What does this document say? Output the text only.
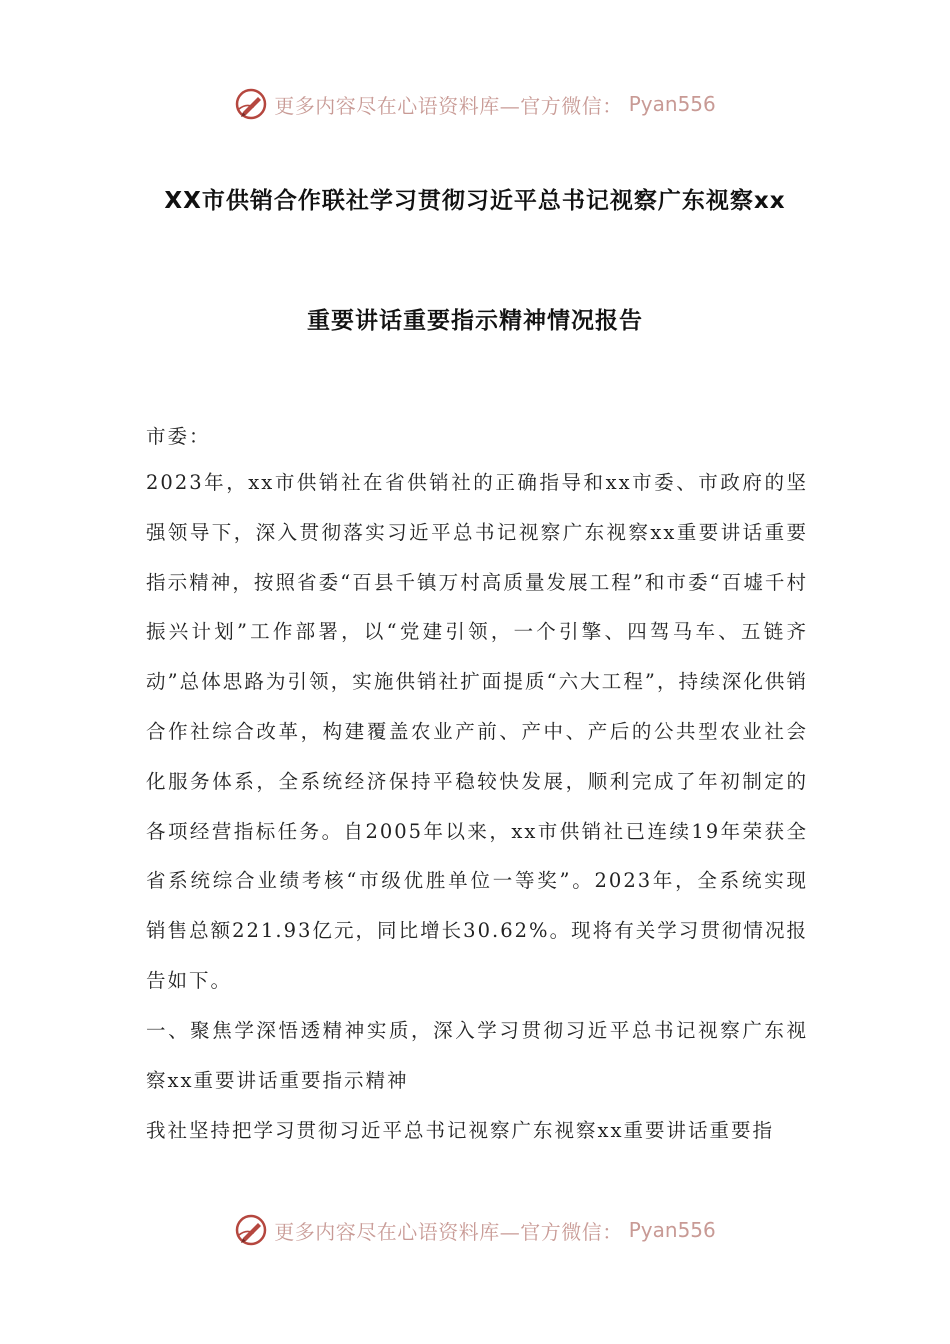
更多内容尽在心语资料库—官方微信： Pyan556
XX市供销合作联社学习贯彻习近平总书记视察广东视察xx
重要讲话重要指示精神情况报告
市委：

2023年，xx市供销社在省供销社的正确指导和xx市委、市政府的坚强领导下，深入贯彻落实习近平总书记视察广东视察xx重要讲话重要指示精神，按照省委“百县千镇万村高质量发展工程”和市委“百墟千村振兴计划”工作部署，以“党建引领，一个引擎、四驾马车、五链齐动”总体思路为引领，实施供销社扩面提质“六大工程”，持续深化供销合作社综合改革，构建覆盖农业产前、产中、产后的公共型农业社会化服务体系，全系统经济保持平稳较快发展，顺利完成了年初制定的各项经营指标任务。自2005年以来，xx市供销社已连续19年荣获全省系统综合业绩考核“市级优胜单位一等奖”。2023年，全系统实现销售总额221.93亿元，同比增长30.62%。现将有关学习贯彻情况报告如下。

一、聚焦学深悟透精神实质，深入学习贯彻习近平总书记视察广东视察xx重要讲话重要指示精神

我社坚持把学习贯彻习近平总书记视察广东视察xx重要讲话重要指

更多内容尽在心语资料库—官方微信： Pyan556
